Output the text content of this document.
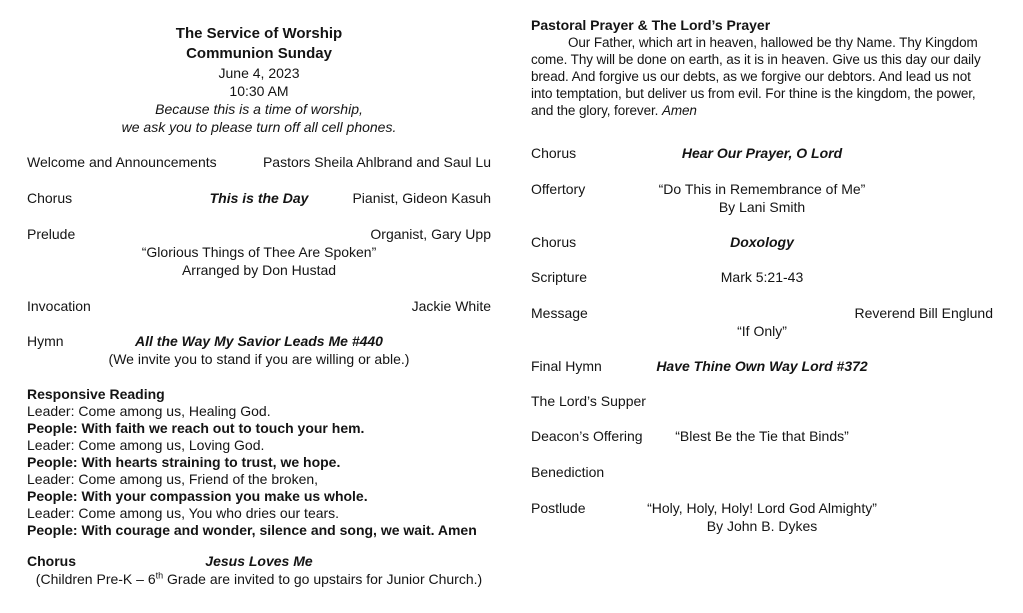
The Service of Worship
Communion Sunday
June 4, 2023
10:30 AM
Because this is a time of worship,
we ask you to please turn off all cell phones.
Welcome and Announcements	Pastors Sheila Ahlbrand and Saul Lu
Chorus	This is the Day	Pianist, Gideon Kasuh
Prelude	Organist, Gary Upp
“Glorious Things of Thee Are Spoken”
Arranged by Don Hustad
Invocation	Jackie White
Hymn	All the Way My Savior Leads Me #440
(We invite you to stand if you are willing or able.)
Responsive Reading
Leader: Come among us, Healing God.
People: With faith we reach out to touch your hem.
Leader: Come among us, Loving God.
People: With hearts straining to trust, we hope.
Leader: Come among us, Friend of the broken,
People: With your compassion you make us whole.
Leader: Come among us, You who dries our tears.
People: With courage and wonder, silence and song, we wait. Amen
Chorus	Jesus Loves Me
(Children Pre-K – 6th Grade are invited to go upstairs for Junior Church.)
Pastoral Prayer & The Lord’s Prayer

Our Father, which art in heaven, hallowed be thy Name. Thy Kingdom come. Thy will be done on earth, as it is in heaven. Give us this day our daily bread. And forgive us our debts, as we forgive our debtors. And lead us not into temptation, but deliver us from evil. For thine is the kingdom, the power, and the glory, forever. Amen

Chorus	Hear Our Prayer, O Lord
Offertory	“Do This in Remembrance of Me”
By Lani Smith
Chorus	Doxology
Scripture	Mark 5:21-43
Message	Reverend Bill Englund
“If Only”
Final Hymn	Have Thine Own Way Lord #372
The Lord’s Supper
Deacon’s Offering	“Blest Be the Tie that Binds”
Benediction
Postlude	“Holy, Holy, Holy! Lord God Almighty”
By John B. Dykes
